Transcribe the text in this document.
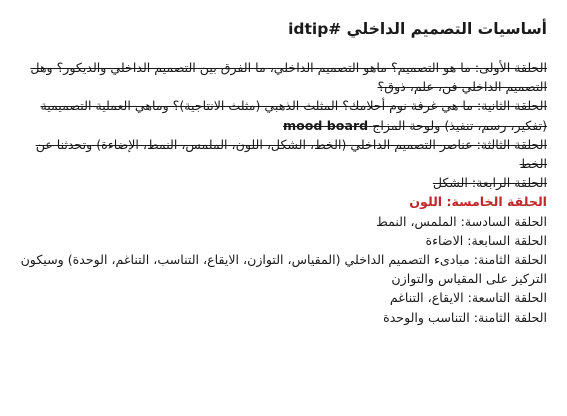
أساسيات التصميم الداخلي #idtip

الحلقة الأولى: ما هو التصميم؟ ماهو التصميم الداخلي، ما الفرق بين التصميم الداخلي والديكور؟ وهل التصميم الداخلي فن، علم، ذوق؟

الحلقة الثانية: ما هي غرفة نوم أحلامك؟ المثلث الذهبي (مثلث الانتاجية)؟ وماهي العملية التصميمية (تفكير، رسم، تنفيذ) ولوحة المزاج mood board

الحلقة الثالثة: عناصر التصميم الداخلي (الخط، الشكل، اللون، الملمس، النمط، الإضاءة) وتحدثنا عن الخط

الحلقة الرابعة: الشكل

الحلقة الخامسة: اللون

الحلقة السادسة: الملمس، النمط

الحلقة السابعة: الاضاءة

الحلقة الثامنة: مبادىء التصميم الداخلي (المقياس، التوازن، الايقاع، التناسب، التناغم، الوحدة) وسيكون التركيز على المقياس والتوازن

الحلقة التاسعة: الايقاع، التناغم

الحلقة الثامنة: التناسب والوحدة
